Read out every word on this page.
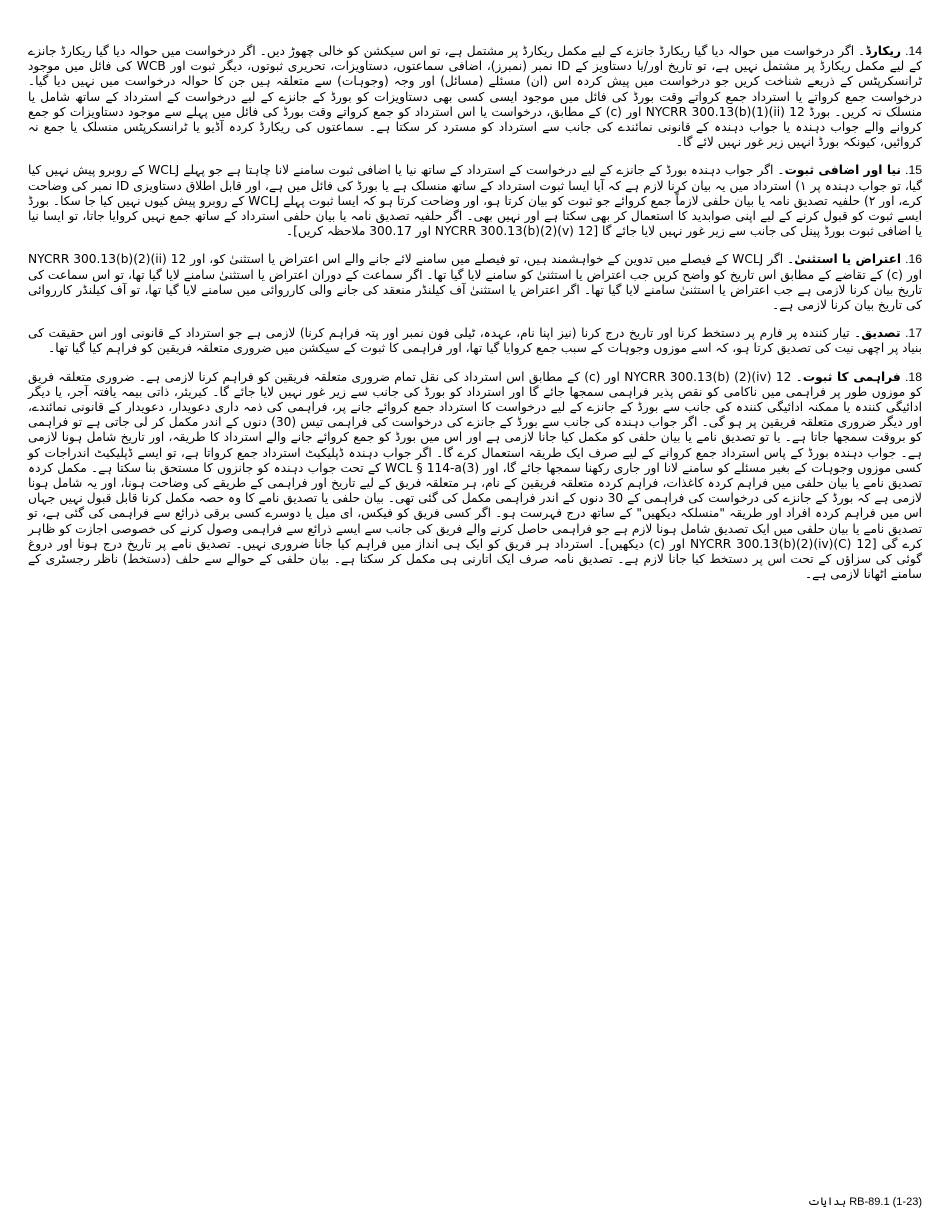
14. ریکارڈ۔ اگر درخواست میں حوالہ دیا گیا ریکارڈ جانزے کے لیے مکمل ریکارڈ پر مشتمل ہے، تو اس سیکشن کو خالی چھوڑ دیں۔ اگر درخواست میں حوالہ دیا گیا ریکارڈ جانزے کے لیے مکمل ریکارڈ پر مشتمل نہیں ہے، تو تاریخ اور/یا دستاویز کے ID نمبر (نمبرز)، اضافی سماعتوں، دستاویزات، تحریری ثبوتوں، دیگر ثبوت اور WCB کی فائل میں موجود ٹرانسکرپٹس کے ذریعے شناخت کریں جو درخواست میں پیش کردہ اس (ان) مسئلے (مسائل) اور وجہ (وجوہات) سے متعلقہ ہیں جن کا حوالہ درخواست میں نہیں دیا گیا۔ درخواست جمع کرواتے یا استرداد جمع کرواتے وقت بورڈ کی فائل میں موجود ایسی کسی بھی دستاویزات کو بورڈ کے جانزے کے لیے درخواست کے استرداد کے ساتھ شامل یا منسلک نہ کریں۔ بورڈ 12 NYCRR 300.13(b)(1)(ii) اور (c) کے مطابق، درخواست یا اس استرداد کو جمع کرواتے وقت بورڈ کی فائل میں پہلے سے موجود دستاویزات کو جمع کروانے والے جواب دہندہ یا جواب دہندہ کے قانونی نمائندے کی جانب سے استرداد کو مسترد کر سکتا ہے۔ سماعتوں کی ریکارڈ کردہ آڈیو یا ٹرانسکرپٹس منسلک یا جمع نہ کروائیں، کیونکہ بورڈ انہیں زیر غور نہیں لائے گا۔

15. نیا اور اضافی ثبوت۔ اگر جواب دہندہ بورڈ کے جانزے کے لیے درخواست کے استرداد کے ساتھ نیا یا اضافی ثبوت سامنے لانا چاہتا ہے جو پہلے WCLJ کے روبرو پیش نہیں کیا گیا، تو جواب دہندہ پر ۱) استرداد میں یہ بیان کرنا لازم ہے کہ آیا ایسا ثبوت استرداد کے ساتھ منسلک ہے یا بورڈ کی فائل میں ہے، اور قابل اطلاق دستاویزی ID نمبر کی وضاحت کرے، اور ۲) حلفیہ تصدیق نامہ یا بیان حلفی لازماً جمع کروائے جو ثبوت کو بیان کرتا ہو، اور وضاحت کرتا ہو کہ ایسا ثبوت پہلے WCLJ کے روبرو پیش کیوں نہیں کیا جا سکا۔ بورڈ ایسے ثبوت کو قبول کرنے کے لیے اپنی صوابدید کا استعمال کر بھی سکتا ہے اور نہیں بھی۔ اگر حلفیہ تصدیق نامہ یا بیان حلفی استرداد کے ساتھ جمع نہیں کروایا جاتا، تو ایسا نیا یا اضافی ثبوت بورڈ پینل کی جانب سے زیر غور نہیں لایا جائے گا [12 NYCRR 300.13(b)(2)(v) اور 300.17 ملاحظہ کریں]۔

16. اعتراض یا استثنیٰ۔ اگر WCLJ کے فیصلے میں تدوین کے خواہشمند ہیں، تو فیصلے میں سامنے لائے جانے والے اس اعتراض یا استثنیٰ کو، اور 12 NYCRR 300.13(b)(2)(ii) اور (c) کے تقاضے کے مطابق اس تاریخ کو واضح کریں جب اعتراض یا استثنیٰ کو سامنے لایا گیا تھا۔ اگر سماعت کے دوران اعتراض یا استثنیٰ سامنے لایا گیا تھا، تو اس سماعت کی تاریخ بیان کرنا لازمی ہے جب اعتراض یا استثنیٰ سامنے لایا گیا تھا۔ اگر اعتراض یا استثنیٰ آف کیلنڈر منعقد کی جانے والی کارروائی میں سامنے لایا گیا تھا، تو آف کیلنڈر کارروائی کی تاریخ بیان کرنا لازمی ہے۔

17. تصدیق۔ تیار کنندہ پر فارم پر دستخط کرنا اور تاریخ درج کرنا (نیز اپنا نام، عہدہ، ٹیلی فون نمبر اور پتہ فراہم کرنا) لازمی ہے جو استرداد کے قانونی اور اس حقیقت کی بنیاد پر اچھی نیت کی تصدیق کرتا ہو، کہ اسے موزوں وجوہات کے سبب جمع کروایا گیا تھا، اور فراہمی کا ثبوت کے سیکشن میں ضروری متعلقہ فریقین کو فراہم کیا گیا تھا۔

18. فراہمی کا ثبوت۔ 12 NYCRR 300.13(b) (2)(iv) اور (c) کے مطابق اس استرداد کی نقل تمام ضروری متعلقہ فریقین کو فراہم کرنا لازمی ہے۔ ضروری متعلقہ فریق کو موزوں طور پر فراہمی میں ناکامی کو نقص پذیر فراہمی سمجھا جائے گا اور استرداد کو بورڈ کی جانب سے زیر غور نہیں لایا جائے گا۔ کیریئر، ذاتی بیمہ یافتہ آجر، یا دیگر ادائیگی کنندہ یا ممکنہ ادائیگی کنندہ کی جانب سے بورڈ کے جانزے کے لیے درخواست کا استرداد جمع کروائے جانے پر، فراہمی کی ذمہ داری دعویدار، دعویدار کے قانونی نمائندے، اور دیگر ضروری متعلقہ فریقین پر ہو گی۔ اگر جواب دہندہ کی جانب سے بورڈ کے جانزے کی درخواست کی فراہمی تیس (30) دنوں کے اندر مکمل کر لی جاتی ہے تو فراہمی کو بروقت سمجھا جاتا ہے۔ یا تو تصدیق نامے یا بیان حلفی کو مکمل کیا جانا لازمی ہے اور اس میں بورڈ کو جمع کروائے جانے والے استرداد کا طریقہ، اور تاریخ شامل ہونا لازمی ہے۔ جواب دہندہ بورڈ کے پاس استرداد جمع کروانے کے لیے صرف ایک طریقہ استعمال کرے گا۔ اگر جواب دہندہ ڈپلیکیٹ استرداد جمع کرواتا ہے، تو ایسے ڈپلیکیٹ اندراجات کو کسی موزوں وجوہات کے بغیر مسئلے کو سامنے لانا اور جاری رکھنا سمجھا جائے گا، اور WCL § 114-a(3) کے تحت جواب دہندہ کو جانزوں کا مستحق بنا سکتا ہے۔ مکمل کردہ تصدیق نامے یا بیان حلفی میں فراہم کردہ کاغذات، فراہم کردہ متعلقہ فریقین کے نام، ہر متعلقہ فریق کے لیے تاریخ اور فراہمی کے طریقے کی وضاحت ہونا، اور یہ شامل ہونا لازمی ہے کہ بورڈ کے جانزے کی درخواست کی فراہمی کے 30 دنوں کے اندر فراہمی مکمل کی گئی تھی۔ بیان حلفی یا تصدیق نامے کا وہ حصہ مکمل کرنا قابل قبول نہیں جہاں اس میں فراہم کردہ افراد اور طریقہ "منسلکہ دیکھیں" کے ساتھ درج فہرست ہو۔ اگر کسی فریق کو فیکس، ای میل یا دوسرے کسی برقی ذرائع سے فراہمی کی گئی ہے، تو تصدیق نامے یا بیان حلفی میں ایک تصدیق شامل ہونا لازم ہے جو فراہمی حاصل کرنے والے فریق کی جانب سے ایسے ذرائع سے فراہمی وصول کرنے کی خصوصی اجازت کو ظاہر کرے گی [12 NYCRR 300.13(b)(2)(iv)(C) اور (c) دیکھیں]۔ استرداد ہر فریق کو ایک ہی انداز میں فراہم کیا جانا ضروری نہیں۔ تصدیق نامے پر تاریخ درج ہونا اور دروغ گوئی کی سزاؤں کے تحت اس پر دستخط کیا جانا لازم ہے۔ تصدیق نامہ صرف ایک اتارنی ہی مکمل کر سکتا ہے۔ بیان حلفی کے حوالے سے حلف (دستخط) ناظر رجسٹری کے سامنے اٹھانا لازمی ہے۔

RB-89.1 (1-23) ہدایات
